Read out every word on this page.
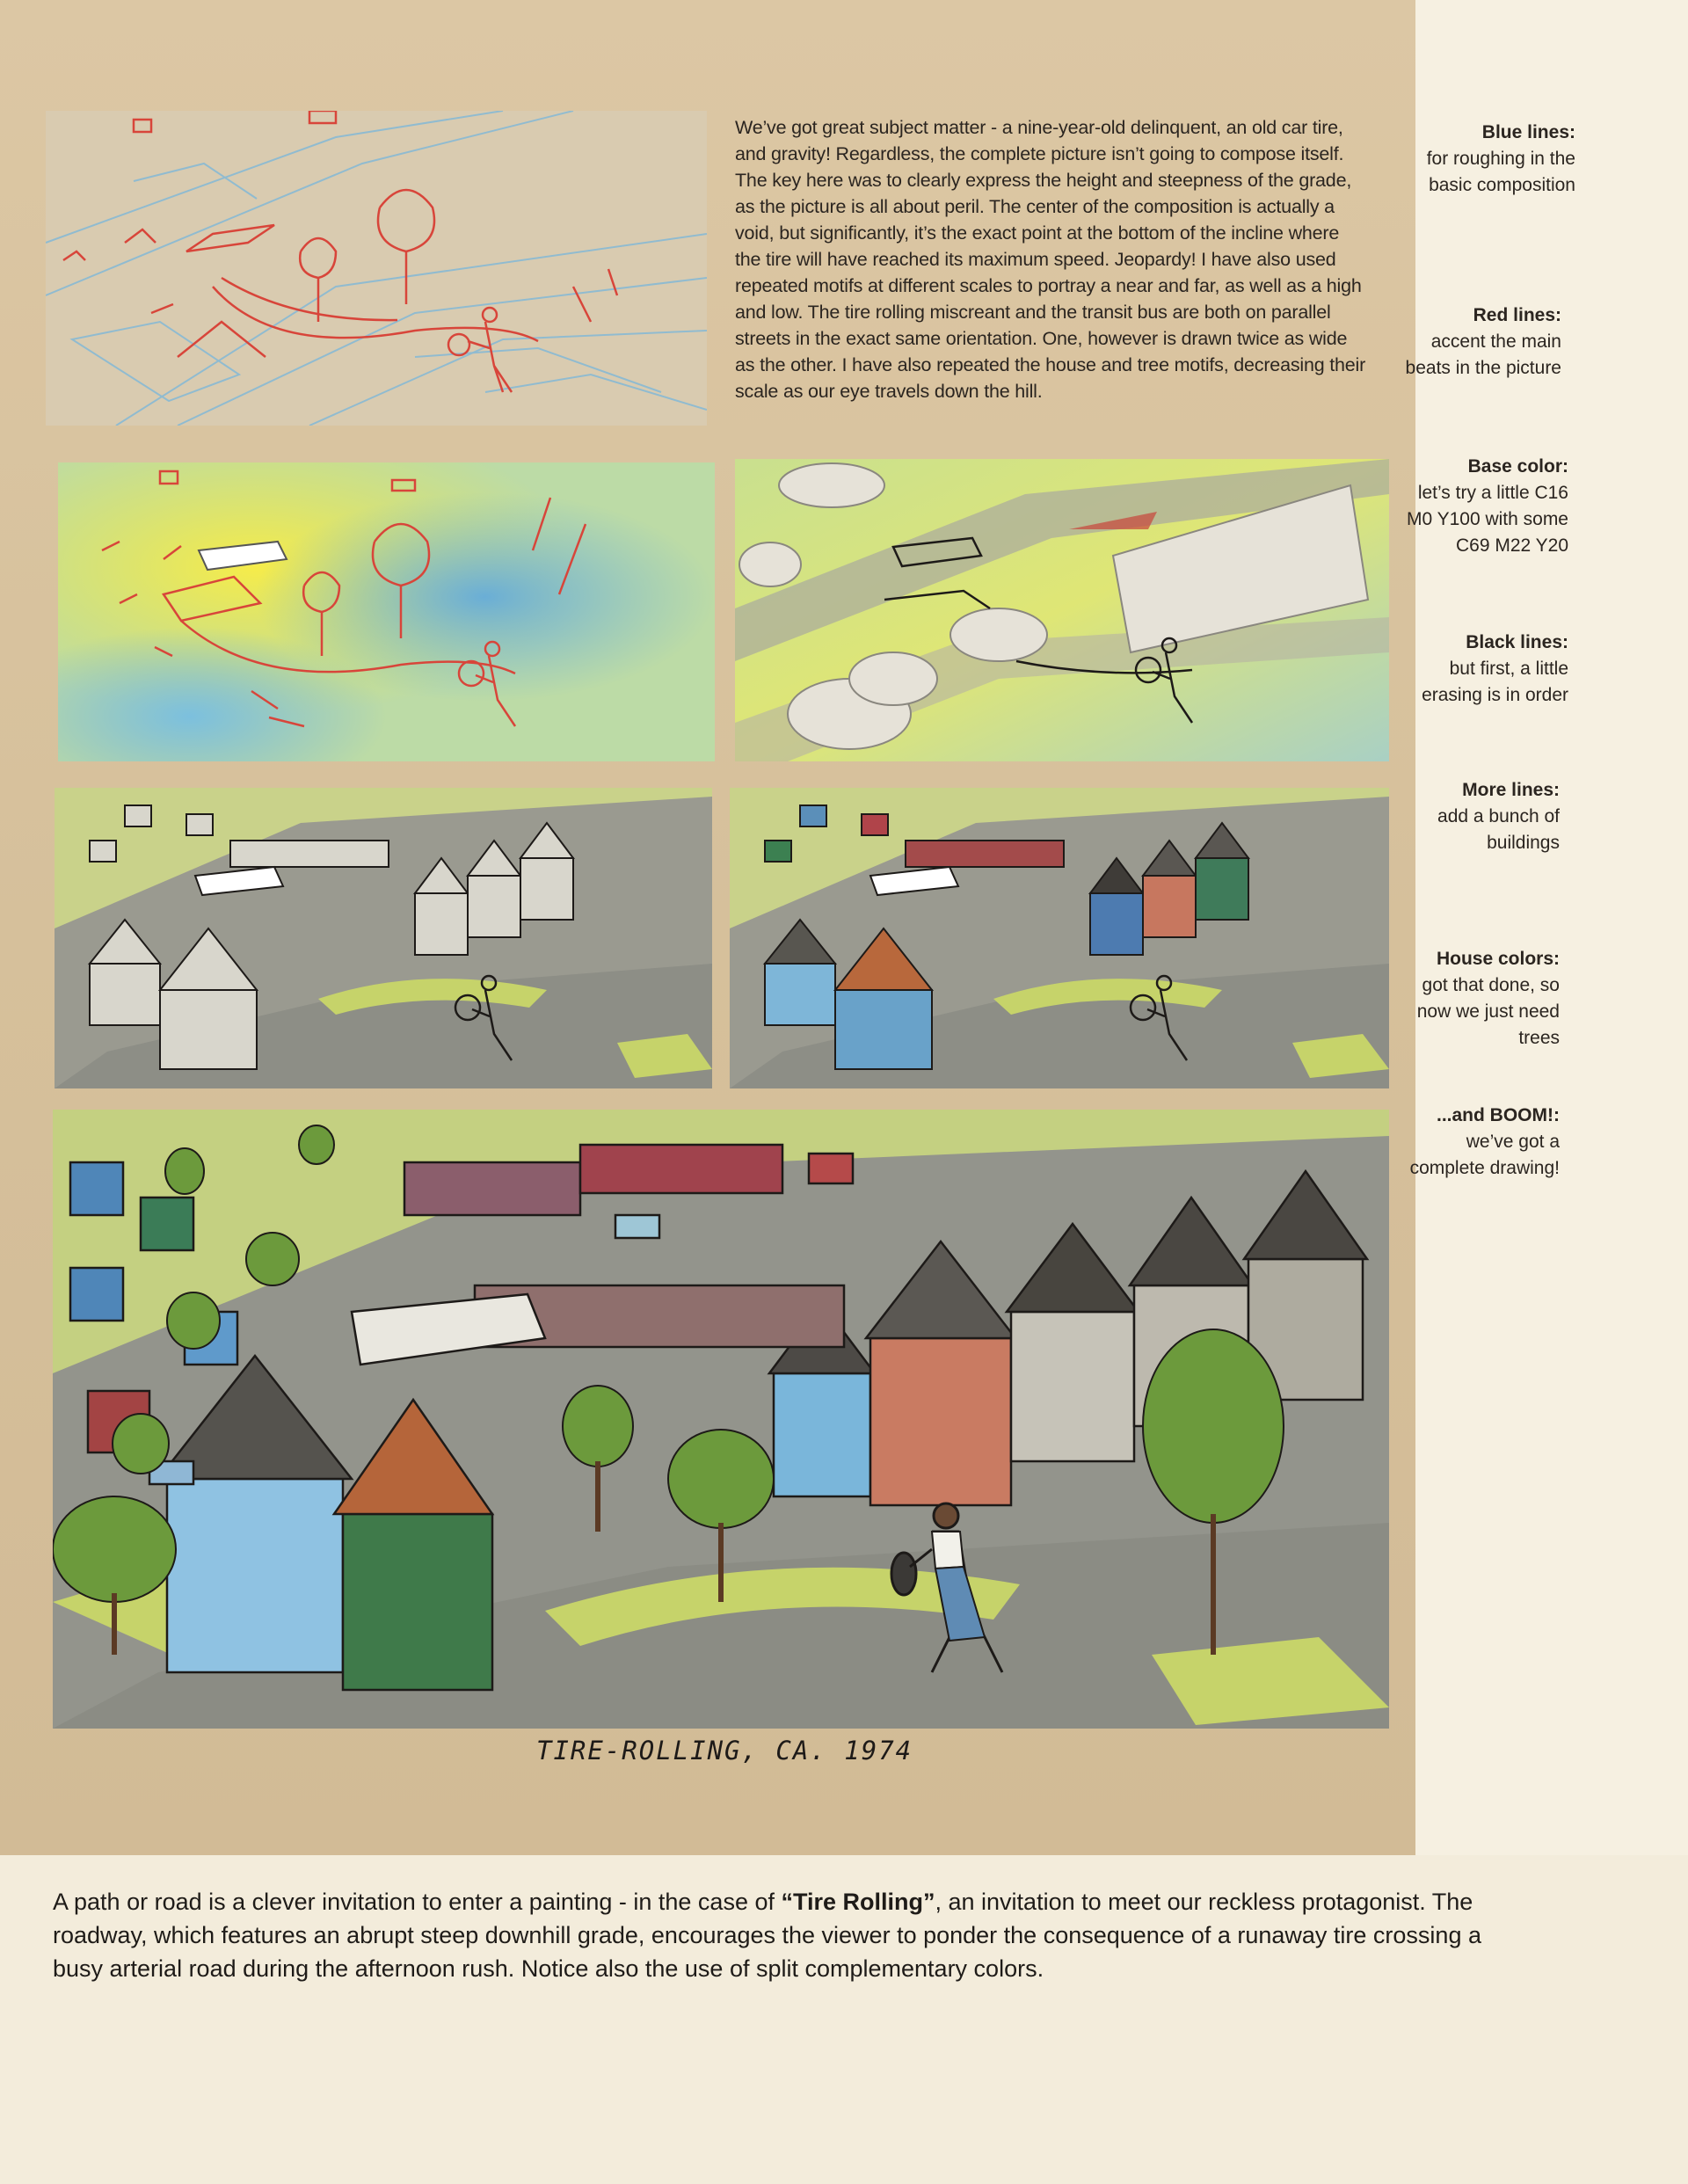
We’ve got great subject matter - a nine-year-old delinquent, an old car tire, and gravity! Regardless, the complete picture isn’t going to compose itself. The key here was to clearly express the height and steepness of the grade, as the picture is all about peril. The center of the composition is actually a void, but significantly, it’s the exact point at the bottom of the incline where the tire will have reached its maximum speed. Jeopardy! I have also used repeated motifs at different scales to portray a near and far, as well as a high and low. The tire rolling miscreant and the transit bus are both on parallel streets in the exact same orientation. One, however is drawn twice as wide as the other. I have also repeated the house and tree motifs, decreasing their scale as our eye travels down the hill.

Blue lines:
for roughing in the basic composition
Red lines:
accent the main beats in the picture
Base color:
let’s try a little C16 M0 Y100 with some C69 M22 Y20
Black lines:
but first, a little erasing is in order
More lines:
add a bunch of buildings
House colors:
got that done, so now we just need trees
...and BOOM!:
we’ve got a complete drawing!
TIRE-ROLLING, CA. 1974

A path or road is a clever invitation to enter a painting - in the case of “Tire Rolling”, an invitation to meet our reckless protagonist. The roadway, which features an abrupt steep downhill grade, encourages the viewer to ponder the consequence of a runaway tire crossing a busy arterial road during the afternoon rush. Notice also the use of split complementary colors.
